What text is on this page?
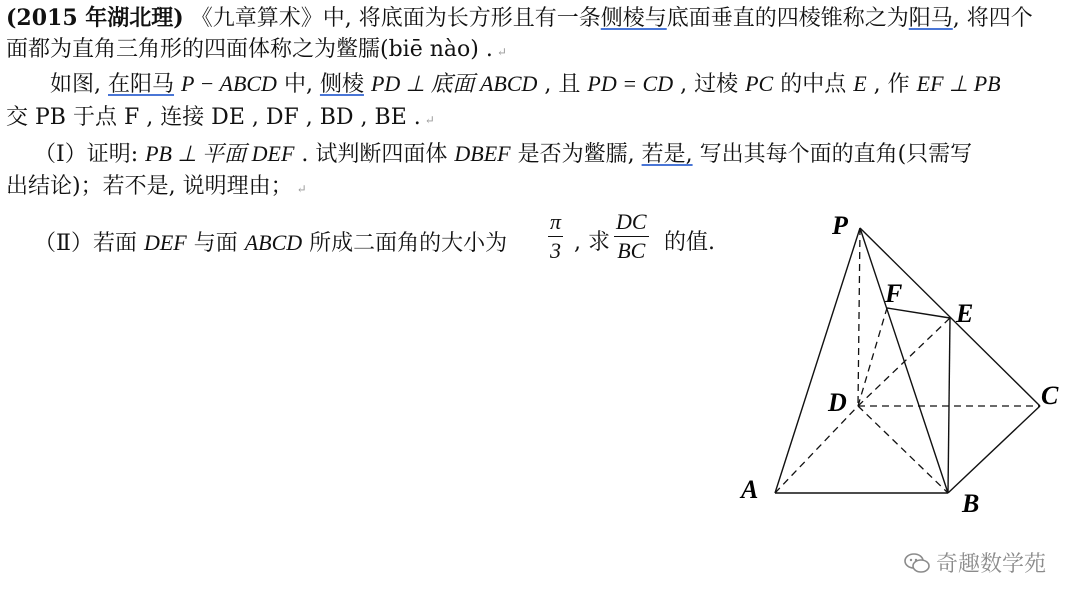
(2015 年湖北理) 《九章算术》中, 将底面为长方形且有一条侧棱与底面垂直的四棱锥称之为阳马, 将四个
面都为直角三角形的四面体称之为鳖臑(biē nào) . ↵
如图, 在阳马 P − ABCD 中, 侧棱 PD ⊥ 底面 ABCD , 且 PD = CD , 过棱 PC 的中点 E , 作 EF ⊥ PB
交 PB 于点 F , 连接 DE , DF , BD , BE . ↵
（Ⅰ）证明: PB ⊥ 平面 DEF . 试判断四面体 DBEF 是否为鳖臑, 若是, 写出其每个面的直角(只需写
出结论)；若不是, 说明理由； ↵
（Ⅱ）若面 DEF 与面 ABCD 所成二面角的大小为	$\frac{\pi}{3}$ , 求 $\frac{DC}{BC}$ 的值.
P
F
E
D	C
A	B
奇趣数学苑
